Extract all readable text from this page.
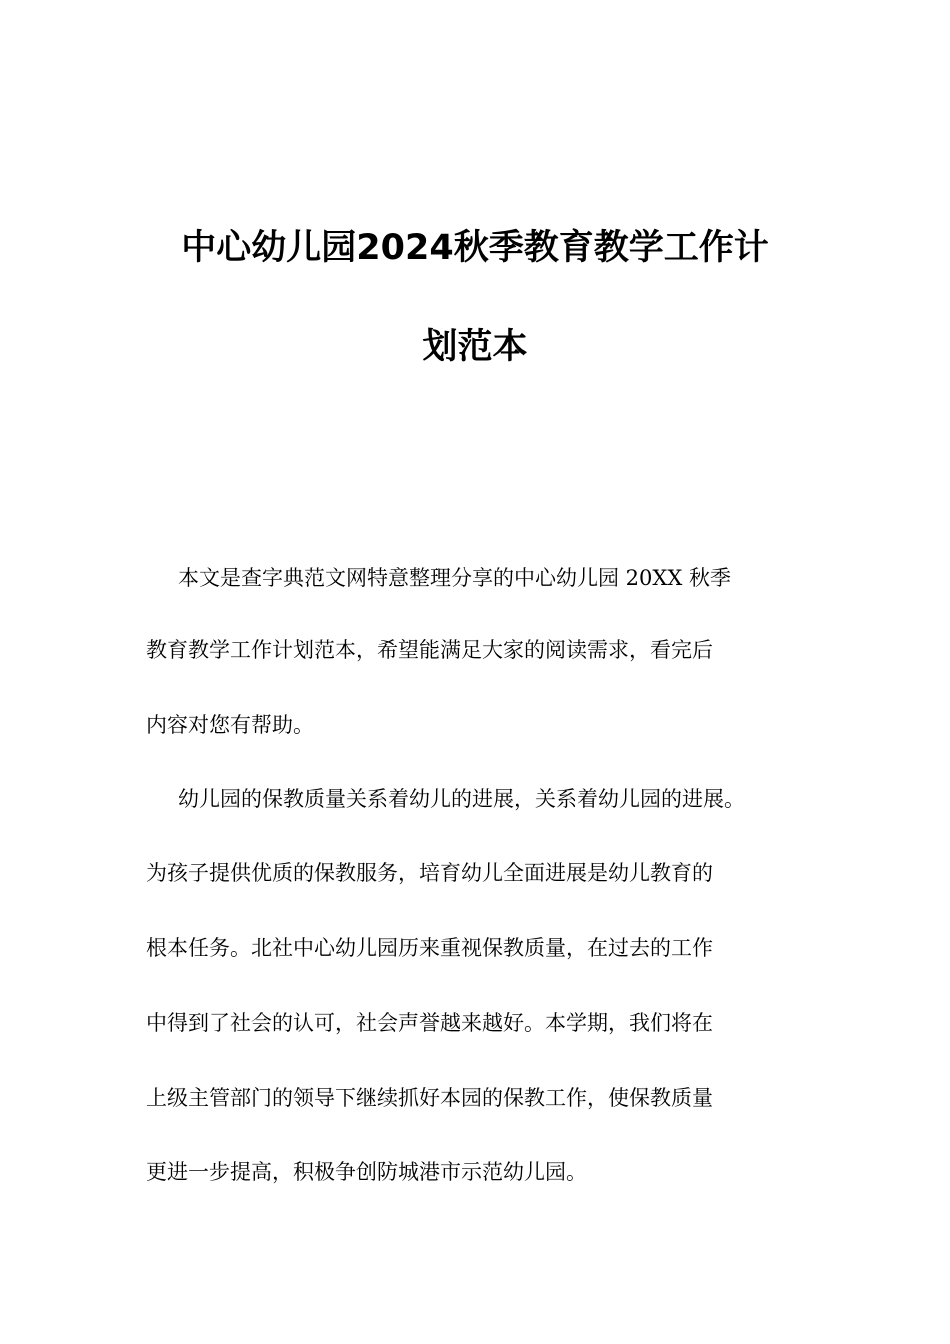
中心幼儿园2024秋季教育教学工作计
划范本

本文是查字典范文网特意整理分享的中心幼儿园 20XX 秋季

教育教学工作计划范本，希望能满足大家的阅读需求，看完后

内容对您有帮助。

幼儿园的保教质量关系着幼儿的进展，关系着幼儿园的进展。

为孩子提供优质的保教服务，培育幼儿全面进展是幼儿教育的

根本任务。北社中心幼儿园历来重视保教质量，在过去的工作

中得到了社会的认可，社会声誉越来越好。本学期，我们将在

上级主管部门的领导下继续抓好本园的保教工作，使保教质量

更进一步提高，积极争创防城港市示范幼儿园。
